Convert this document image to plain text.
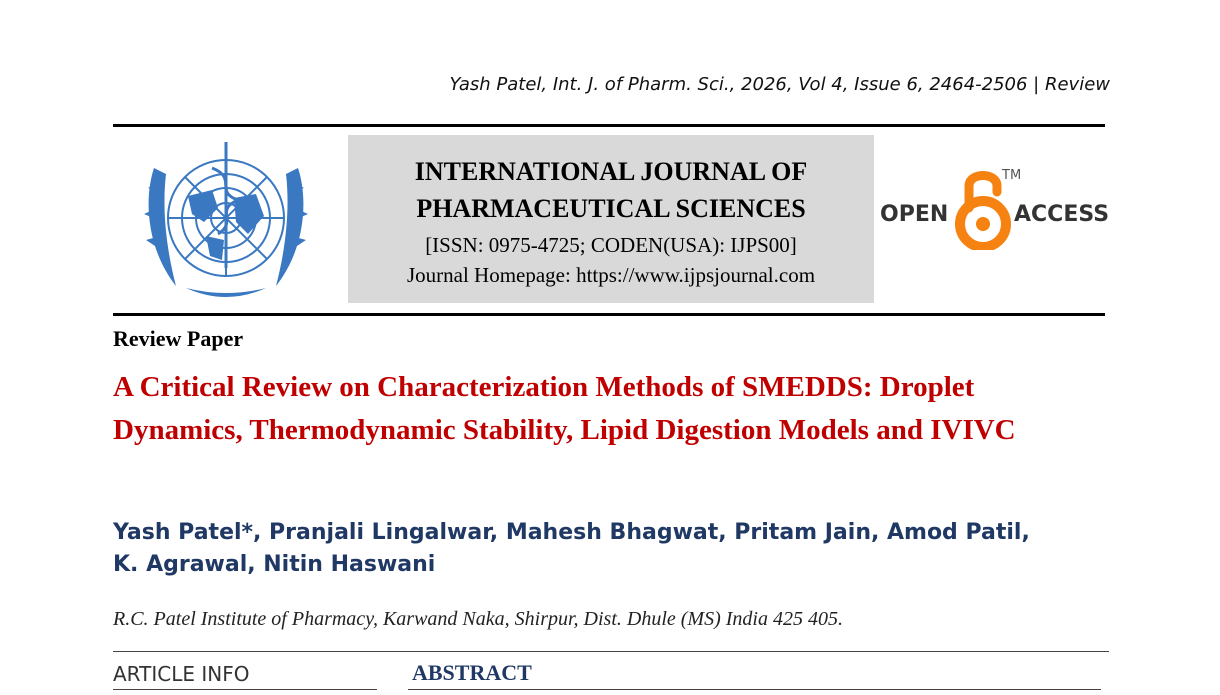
Yash Patel, Int. J. of Pharm. Sci., 2026, Vol 4, Issue 6, 2464-2506 | Review
INTERNATIONAL JOURNAL OF
PHARMACEUTICAL SCIENCES
[ISSN: 0975-4725; CODEN(USA): IJPS00]
Journal Homepage: https://www.ijpsjournal.com
OPEN
TM
ACCESS
Review Paper
A Critical Review on Characterization Methods of SMEDDS: Droplet Dynamics, Thermodynamic Stability, Lipid Digestion Models and IVIVC
Yash Patel*, Pranjali Lingalwar, Mahesh Bhagwat, Pritam Jain, Amod Patil,
K. Agrawal, Nitin Haswani
R.C. Patel Institute of Pharmacy, Karwand Naka, Shirpur, Dist. Dhule (MS) India 425 405.
ARTICLE INFO	ABSTRACT
